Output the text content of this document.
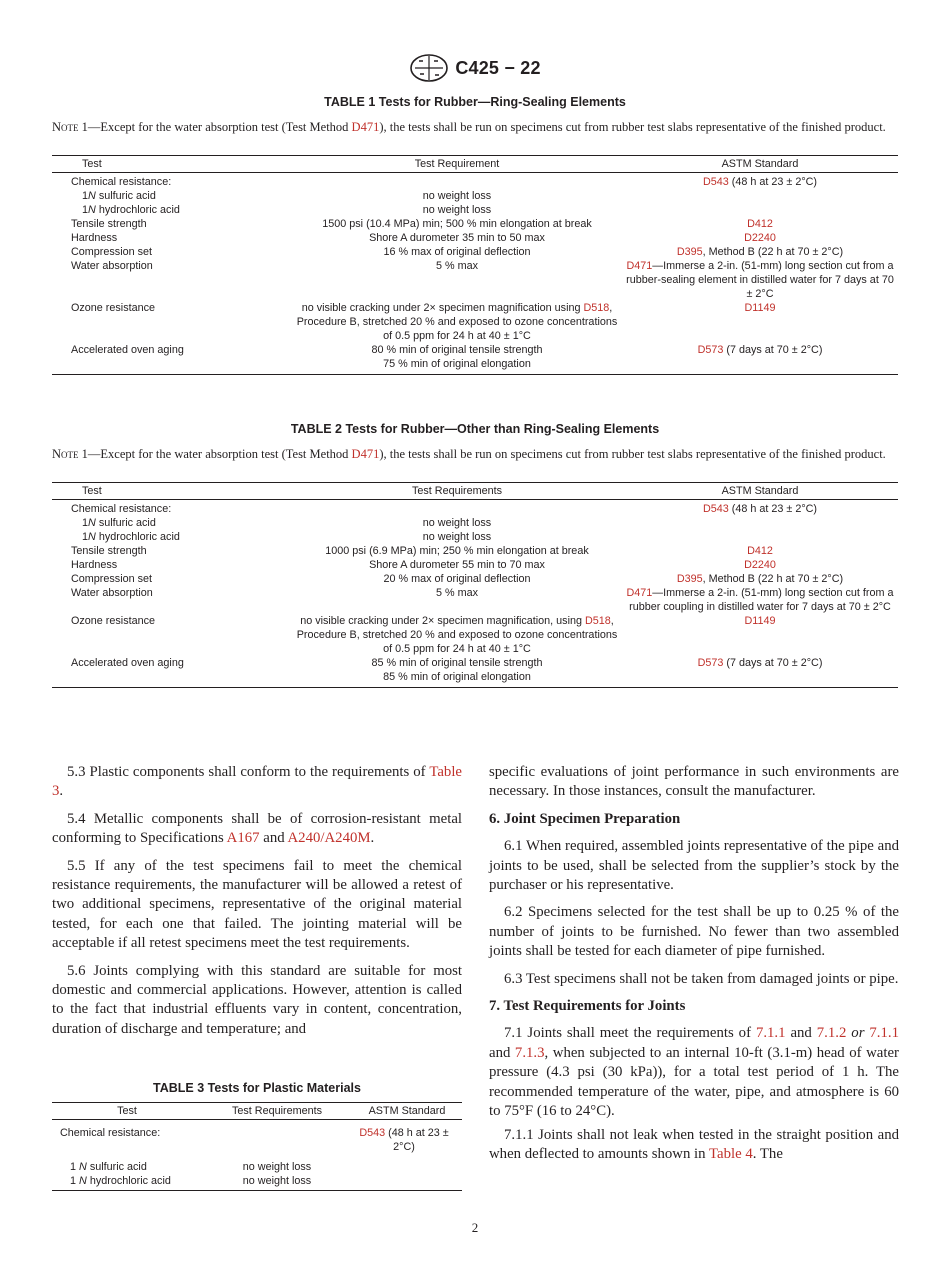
C425 − 22
TABLE 1 Tests for Rubber—Ring-Sealing Elements
Note 1—Except for the water absorption test (Test Method D471), the tests shall be run on specimens cut from rubber test slabs representative of the finished product.
Test	Test Requirement	ASTM Standard
Chemical resistance:		D543 (48 h at 23 ± 2°C)
1N sulfuric acid	no weight loss	
1N hydrochloric acid	no weight loss	
Tensile strength	1500 psi (10.4 MPa) min; 500 % min elongation at break	D412
Hardness	Shore A durometer 35 min to 50 max	D2240
Compression set	16 % max of original deflection	D395, Method B (22 h at 70 ± 2°C)
Water absorption	5 % max	D471—Immerse a 2-in. (51-mm) long section cut from a rubber-sealing element in distilled water for 7 days at 70 ± 2°C
Ozone resistance	no visible cracking under 2× specimen magnification using D518, Procedure B, stretched 20 % and exposed to ozone concentrations of 0.5 ppm for 24 h at 40 ± 1°C	D1149
Accelerated oven aging	80 % min of original tensile strength	D573 (7 days at 70 ± 2°C)
	75 % min of original elongation	
TABLE 2 Tests for Rubber—Other than Ring-Sealing Elements
Note 1—Except for the water absorption test (Test Method D471), the tests shall be run on specimens cut from rubber test slabs representative of the finished product.
Test	Test Requirements	ASTM Standard
Chemical resistance:		D543 (48 h at 23 ± 2°C)
1N sulfuric acid	no weight loss	
1N hydrochloric acid	no weight loss	
Tensile strength	1000 psi (6.9 MPa) min; 250 % min elongation at break	D412
Hardness	Shore A durometer 55 min to 70 max	D2240
Compression set	20 % max of original deflection	D395, Method B (22 h at 70 ± 2°C)
Water absorption	5 % max	D471—Immerse a 2-in. (51-mm) long section cut from a rubber coupling in distilled water for 7 days at 70 ± 2°C
Ozone resistance	no visible cracking under 2× specimen magnification, using D518, Procedure B, stretched 20 % and exposed to ozone concentrations of 0.5 ppm for 24 h at 40 ± 1°C	D1149
Accelerated oven aging	85 % min of original tensile strength	D573 (7 days at 70 ± 2°C)
	85 % min of original elongation	

5.3 Plastic components shall conform to the requirements of Table 3.

5.4 Metallic components shall be of corrosion-resistant metal conforming to Specifications A167 and A240/A240M.

5.5 If any of the test specimens fail to meet the chemical resistance requirements, the manufacturer will be allowed a retest of two additional specimens, representative of the original material tested, for each one that failed. The jointing material will be acceptable if all retest specimens meet the test requirements.

5.6 Joints complying with this standard are suitable for most domestic and commercial applications. However, attention is called to the fact that industrial effluents vary in content, concentration, duration of discharge and temperature; and

TABLE 3 Tests for Plastic Materials
Test	Test Requirements	ASTM Standard
Chemical resistance:		D543 (48 h at 23 ± 2°C)
1 N sulfuric acid	no weight loss	
1 N hydrochloric acid	no weight loss	

specific evaluations of joint performance in such environments are necessary. In those instances, consult the manufacturer.

6. Joint Specimen Preparation

6.1 When required, assembled joints representative of the pipe and joints to be used, shall be selected from the supplier’s stock by the purchaser or his representative.

6.2 Specimens selected for the test shall be up to 0.25 % of the number of joints to be furnished. No fewer than two assembled joints shall be tested for each diameter of pipe furnished.

6.3 Test specimens shall not be taken from damaged joints or pipe.

7. Test Requirements for Joints

7.1 Joints shall meet the requirements of 7.1.1 and 7.1.2 or 7.1.1 and 7.1.3, when subjected to an internal 10-ft (3.1-m) head of water pressure (4.3 psi (30 kPa)), for a total test period of 1 h. The recommended temperature of the water, pipe, and atmosphere is 60 to 75°F (16 to 24°C).

7.1.1 Joints shall not leak when tested in the straight position and when deflected to amounts shown in Table 4. The

2
